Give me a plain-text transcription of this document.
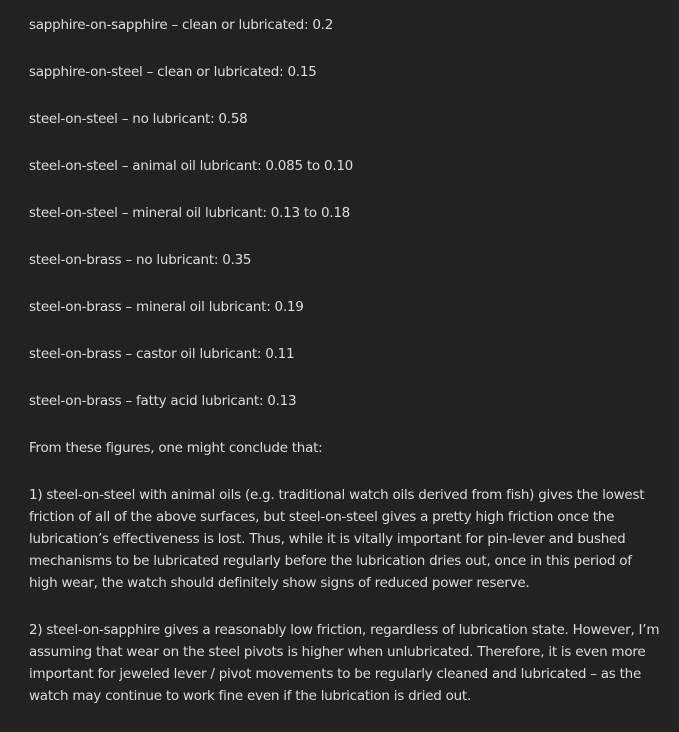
sapphire-on-sapphire – clean or lubricated: 0.2

sapphire-on-steel – clean or lubricated: 0.15

steel-on-steel – no lubricant: 0.58

steel-on-steel – animal oil lubricant: 0.085 to 0.10

steel-on-steel – mineral oil lubricant: 0.13 to 0.18

steel-on-brass – no lubricant: 0.35

steel-on-brass – mineral oil lubricant: 0.19

steel-on-brass – castor oil lubricant: 0.11

steel-on-brass – fatty acid lubricant: 0.13

From these figures, one might conclude that:

1) steel-on-steel with animal oils (e.g. traditional watch oils derived from fish) gives the lowest friction of all of the above surfaces, but steel-on-steel gives a pretty high friction once the lubrication’s effectiveness is lost. Thus, while it is vitally important for pin-lever and bushed mechanisms to be lubricated regularly before the lubrication dries out, once in this period of high wear, the watch should definitely show signs of reduced power reserve.

2) steel-on-sapphire gives a reasonably low friction, regardless of lubrication state. However, I’m assuming that wear on the steel pivots is higher when unlubricated. Therefore, it is even more important for jeweled lever / pivot movements to be regularly cleaned and lubricated – as the watch may continue to work fine even if the lubrication is dried out.
